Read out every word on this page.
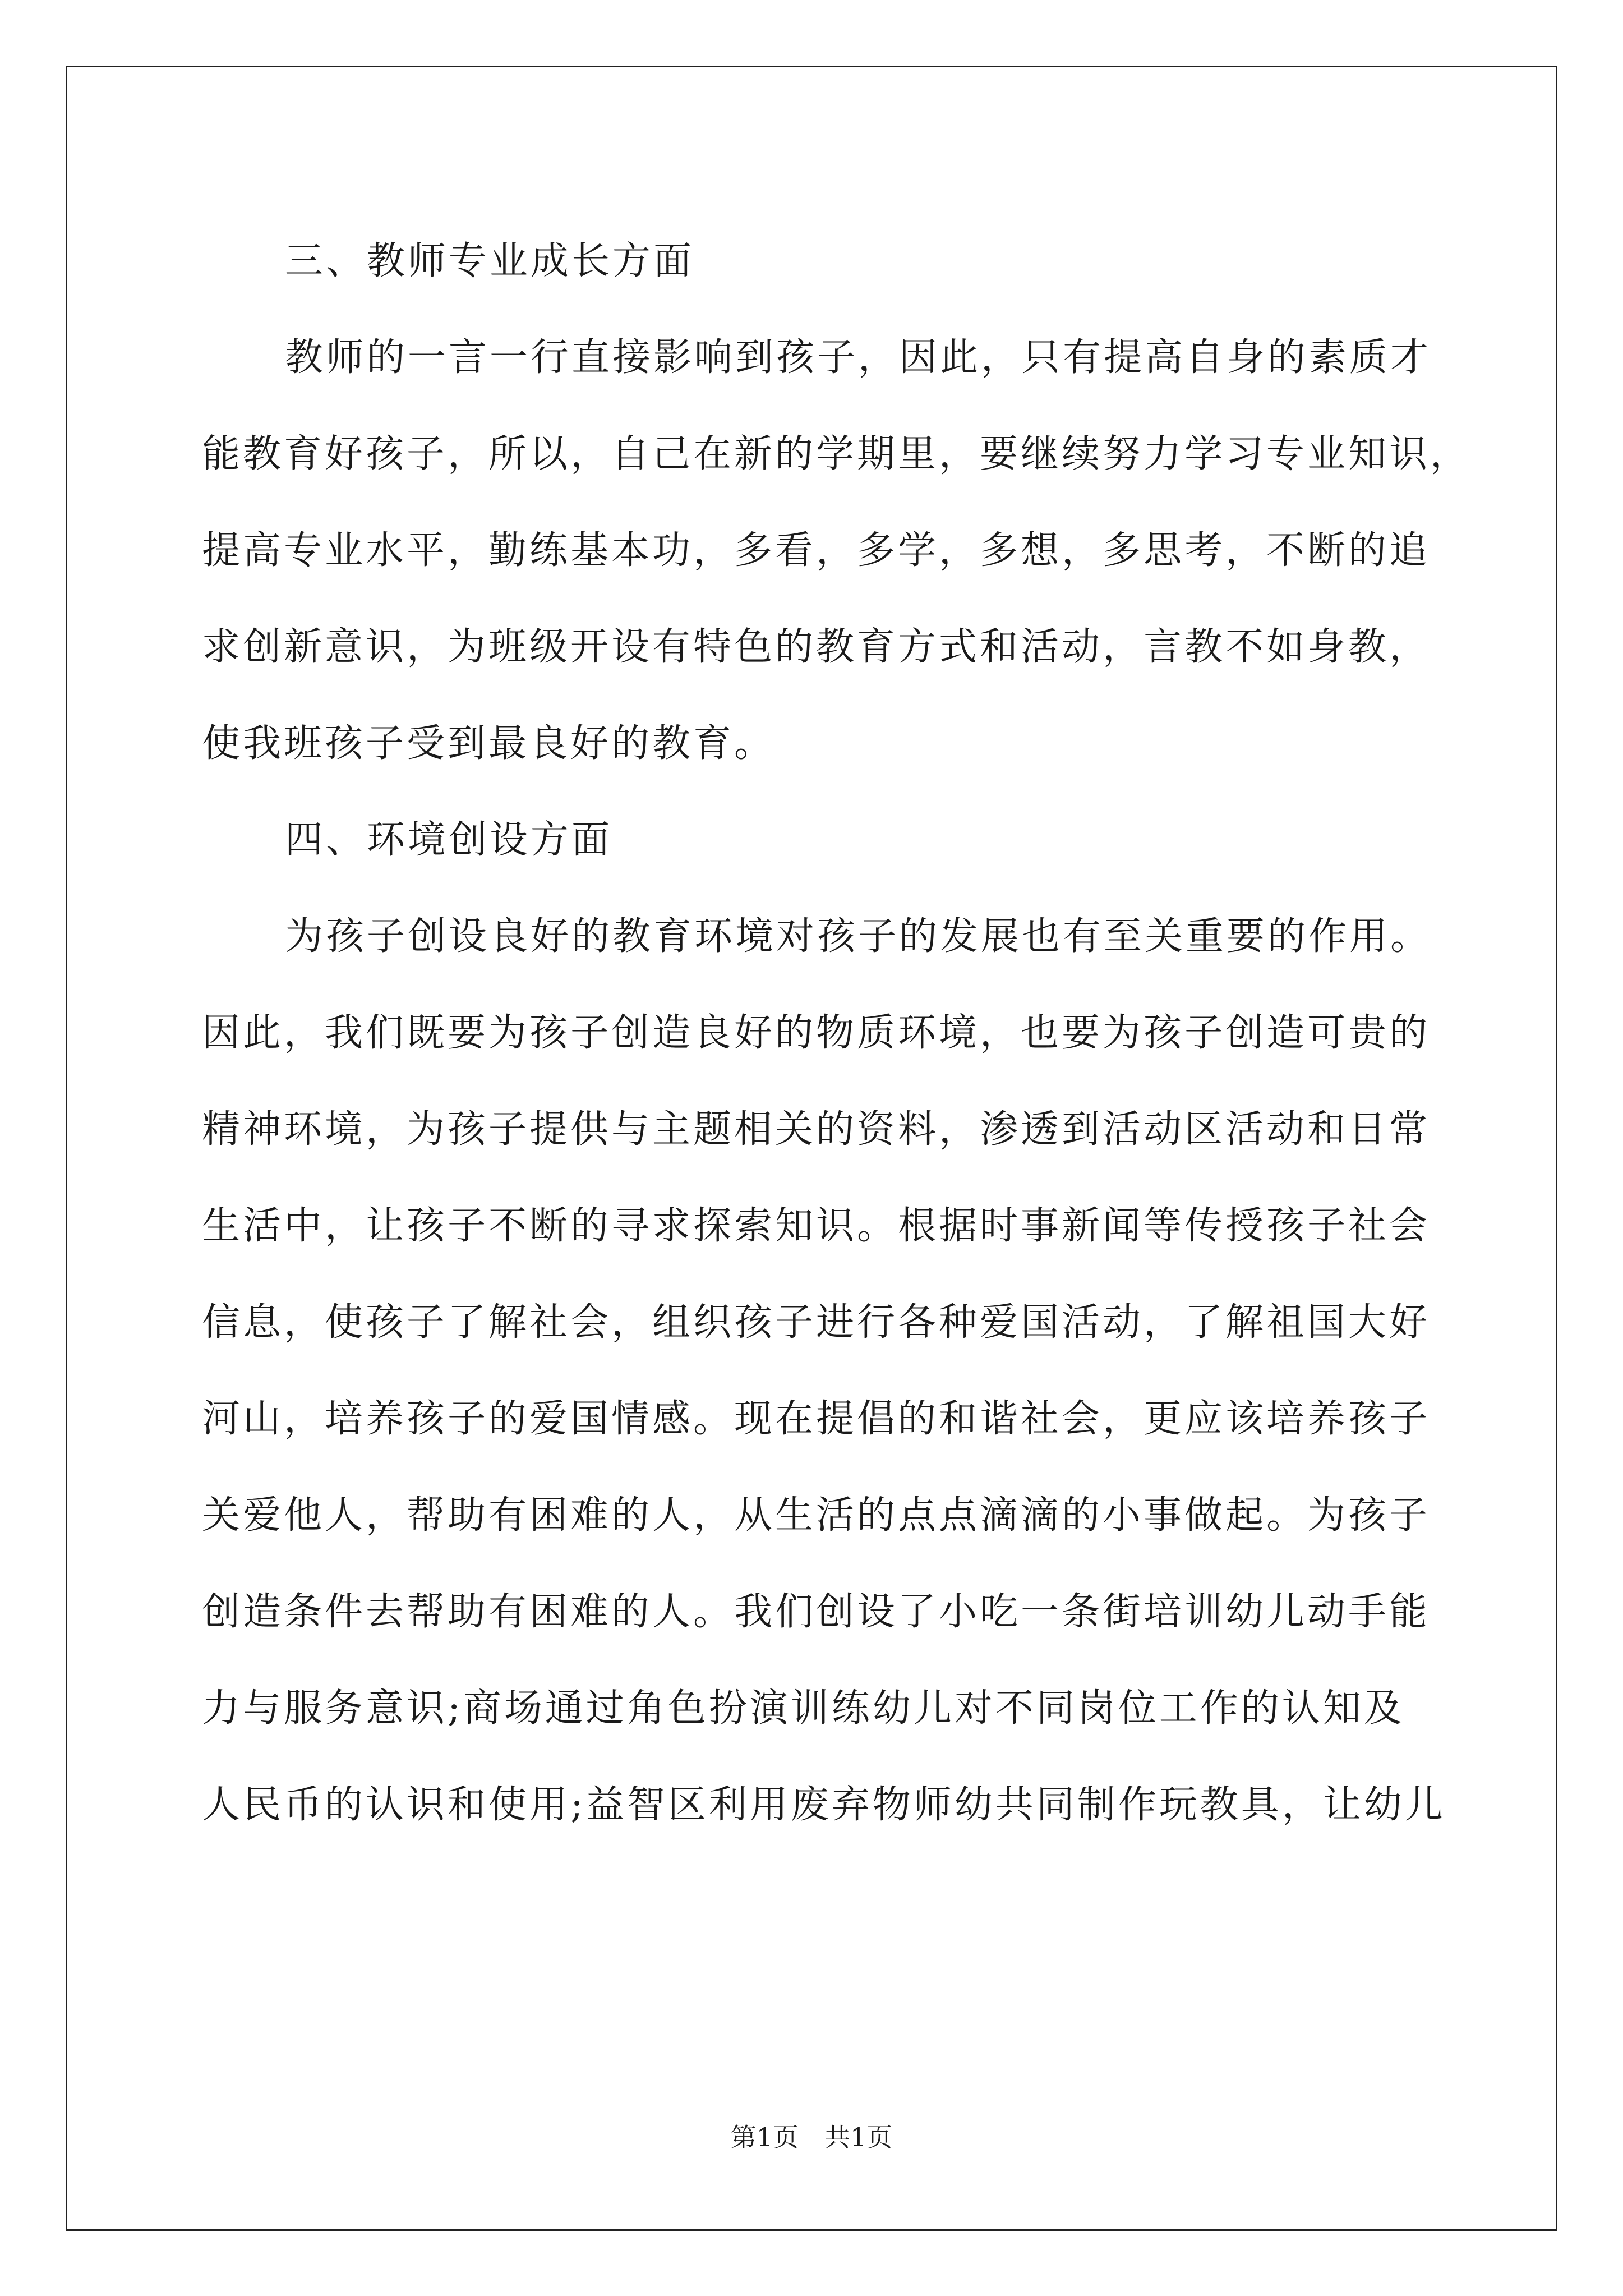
三、教师专业成长方面
教师的一言一行直接影响到孩子，因此，只有提高自身的素质才
能教育好孩子，所以，自己在新的学期里，要继续努力学习专业知识，
提高专业水平，勤练基本功，多看，多学，多想，多思考，不断的追
求创新意识，为班级开设有特色的教育方式和活动，言教不如身教，
使我班孩子受到最良好的教育。
四、环境创设方面
为孩子创设良好的教育环境对孩子的发展也有至关重要的作用。
因此，我们既要为孩子创造良好的物质环境，也要为孩子创造可贵的
精神环境，为孩子提供与主题相关的资料，渗透到活动区活动和日常
生活中，让孩子不断的寻求探索知识。根据时事新闻等传授孩子社会
信息，使孩子了解社会，组织孩子进行各种爱国活动，了解祖国大好
河山，培养孩子的爱国情感。现在提倡的和谐社会，更应该培养孩子
关爱他人，帮助有困难的人，从生活的点点滴滴的小事做起。为孩子
创造条件去帮助有困难的人。我们创设了小吃一条街培训幼儿动手能
力与服务意识;商场通过角色扮演训练幼儿对不同岗位工作的认知及
人民币的认识和使用;益智区利用废弃物师幼共同制作玩教具，让幼儿
第1页　共1页
